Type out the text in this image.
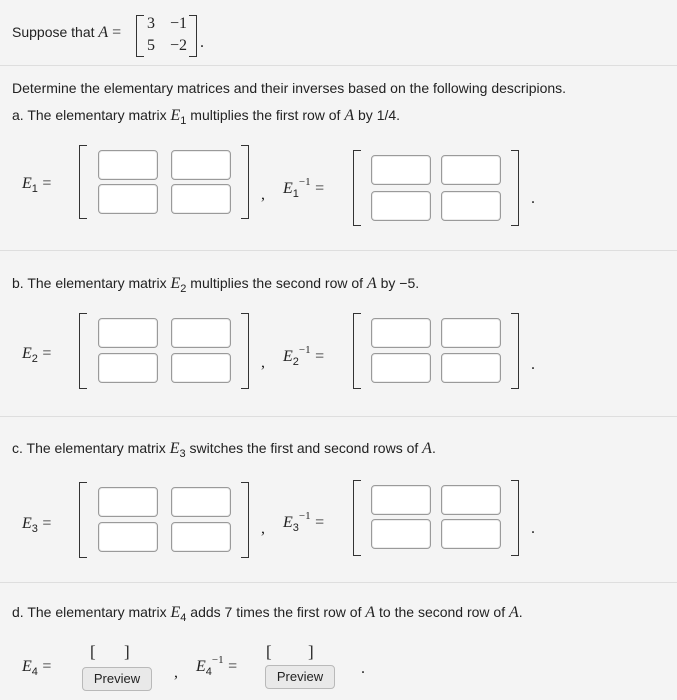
Suppose that A =
3 −1
5 −2 .
Determine the elementary matrices and their inverses based on the following descripions.
a. The elementary matrix $E_1$ multiplies the first row of A by 1/4.
$E_1$ =
, $E_1^{-1}$ =
.
b. The elementary matrix $E_2$ multiplies the second row of A by −5.
$E_2$ =
, $E_2^{-1}$ =	.
c. The elementary matrix $E_3$ switches the first and second rows of A.
$E_3$ =	, $E_3^{-1}$ =	.
d. The elementary matrix $E_4$ adds 7 times the first row of A to the second row of A.
$E_4$ =
[ ]
Preview	, $E_4^{-1}$ =
[ ]
Preview	.
